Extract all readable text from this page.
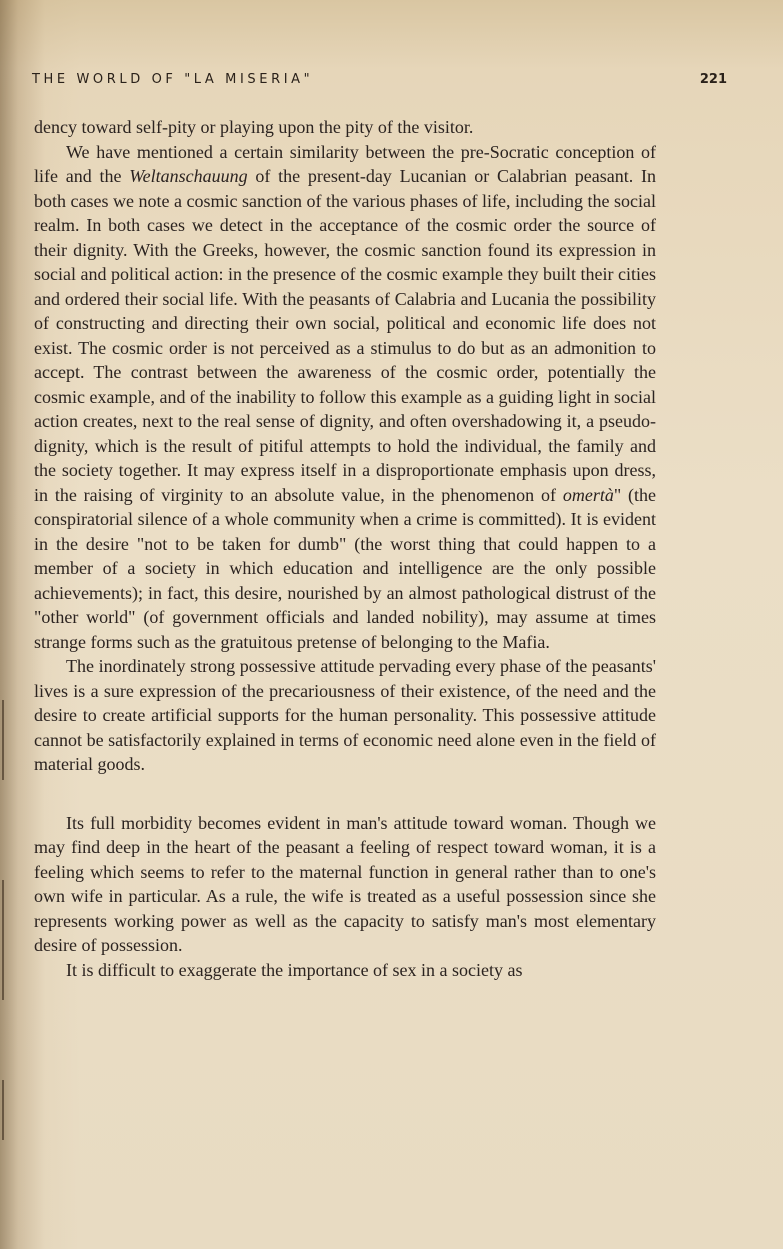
THE WORLD OF "LA MISERIA"	221

dency toward self-pity or playing upon the pity of the visitor.

We have mentioned a certain similarity between the pre-Socratic conception of life and the Weltanschauung of the present-day Lucanian or Calabrian peasant. In both cases we note a cosmic sanction of the various phases of life, including the social realm. In both cases we detect in the acceptance of the cosmic order the source of their dignity. With the Greeks, however, the cosmic sanction found its expression in social and political action: in the presence of the cosmic example they built their cities and ordered their social life. With the peasants of Calabria and Lucania the possibility of constructing and directing their own social, political and economic life does not exist. The cosmic order is not perceived as a stimulus to do but as an admonition to accept. The contrast between the awareness of the cosmic order, potentially the cosmic example, and of the inability to follow this example as a guiding light in social action creates, next to the real sense of dignity, and often overshadowing it, a pseudo-dignity, which is the result of pitiful attempts to hold the individual, the family and the society together. It may express itself in a disproportionate emphasis upon dress, in the raising of virginity to an absolute value, in the phenomenon of omertà" (the conspiratorial silence of a whole community when a crime is committed). It is evident in the desire "not to be taken for dumb" (the worst thing that could happen to a member of a society in which education and intelligence are the only possible achievements); in fact, this desire, nourished by an almost pathological distrust of the "other world" (of government officials and landed nobility), may assume at times strange forms such as the gratuitous pretense of belonging to the Mafia.

The inordinately strong possessive attitude pervading every phase of the peasants' lives is a sure expression of the precariousness of their existence, of the need and the desire to create artificial supports for the human personality. This possessive attitude cannot be satisfactorily explained in terms of economic need alone even in the field of material goods.

Its full morbidity becomes evident in man's attitude toward woman. Though we may find deep in the heart of the peasant a feeling of respect toward woman, it is a feeling which seems to refer to the maternal function in general rather than to one's own wife in particular. As a rule, the wife is treated as a useful possession since she represents working power as well as the capacity to satisfy man's most elementary desire of possession.

It is difficult to exaggerate the importance of sex in a society as
